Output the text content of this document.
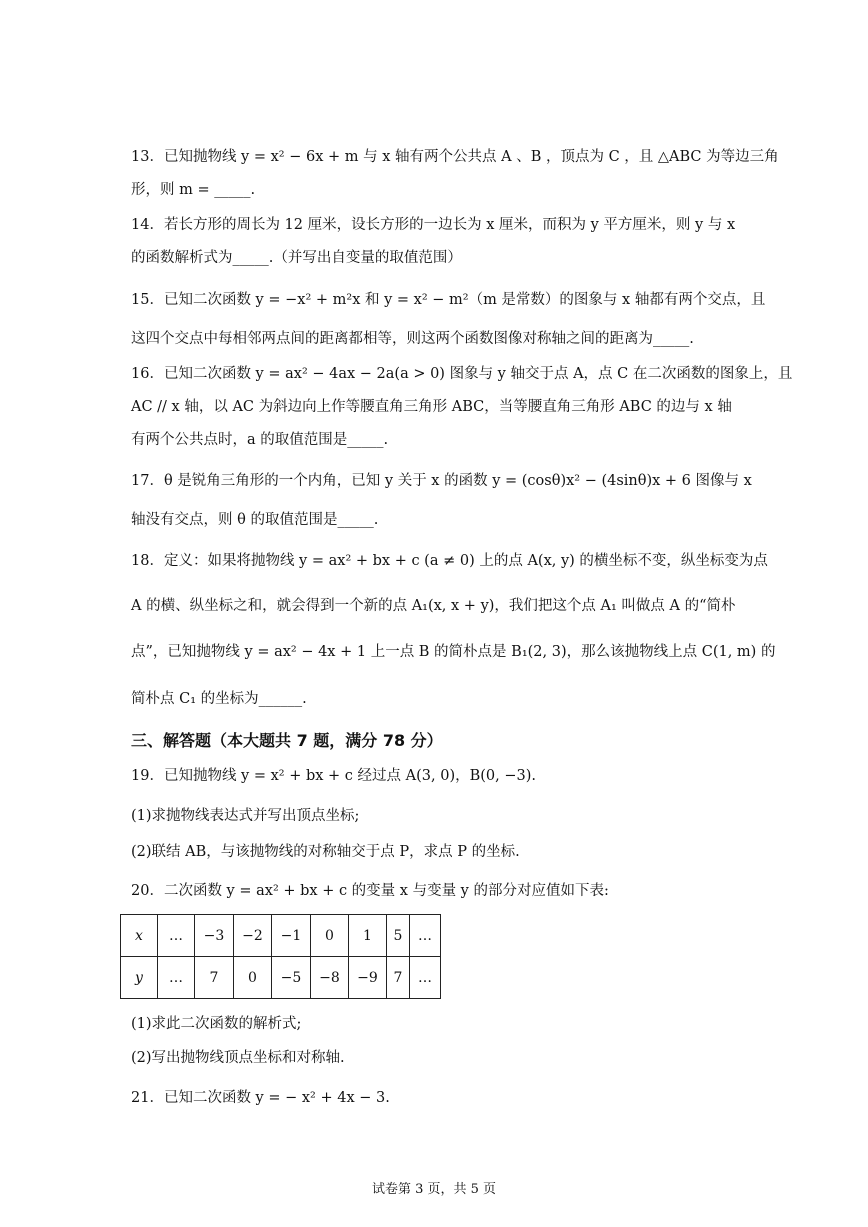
13．已知抛物线 y = x² − 6x + m 与 x 轴有两个公共点 A 、B ，顶点为 C ，且 △ABC 为等边三角
形，则 m = _____.
14．若长方形的周长为 12 厘米，设长方形的一边长为 x 厘米，而积为 y 平方厘米，则 y 与 x
的函数解析式为_____.（并写出自变量的取值范围）
15．已知二次函数 y = −x² + m²x 和 y = x² − m²（m 是常数）的图象与 x 轴都有两个交点，且
这四个交点中每相邻两点间的距离都相等，则这两个函数图像对称轴之间的距离为_____.
16．已知二次函数 y = ax² − 4ax − 2a(a > 0) 图象与 y 轴交于点 A，点 C 在二次函数的图象上，且
AC // x 轴，以 AC 为斜边向上作等腰直角三角形 ABC，当等腰直角三角形 ABC 的边与 x 轴
有两个公共点时，a 的取值范围是_____.
17．θ 是锐角三角形的一个内角，已知 y 关于 x 的函数 y = (cosθ)x² − (4sinθ)x + 6 图像与 x
轴没有交点，则 θ 的取值范围是_____.
18．定义：如果将抛物线 y = ax² + bx + c (a ≠ 0) 上的点 A(x, y) 的横坐标不变，纵坐标变为点
A 的横、纵坐标之和，就会得到一个新的点 A₁(x, x + y)，我们把这个点 A₁ 叫做点 A 的“简朴
点”，已知抛物线 y = ax² − 4x + 1 上一点 B 的简朴点是 B₁(2, 3)，那么该抛物线上点 C(1, m) 的
简朴点 C₁ 的坐标为______.
三、解答题（本大题共 7 题，满分 78 分）
19．已知抛物线 y = x² + bx + c 经过点 A(3, 0)，B(0, −3).
(1)求抛物线表达式并写出顶点坐标;
(2)联结 AB，与该抛物线的对称轴交于点 P，求点 P 的坐标.
20．二次函数 y = ax² + bx + c 的变量 x 与变量 y 的部分对应值如下表:
x	…	−3	−2	−1	0	1	5	…
y	…	7	0	−5	−8	−9	7	…
(1)求此二次函数的解析式;
(2)写出抛物线顶点坐标和对称轴.
21．已知二次函数 y = − x² + 4x − 3.
试卷第 3 页，共 5 页
